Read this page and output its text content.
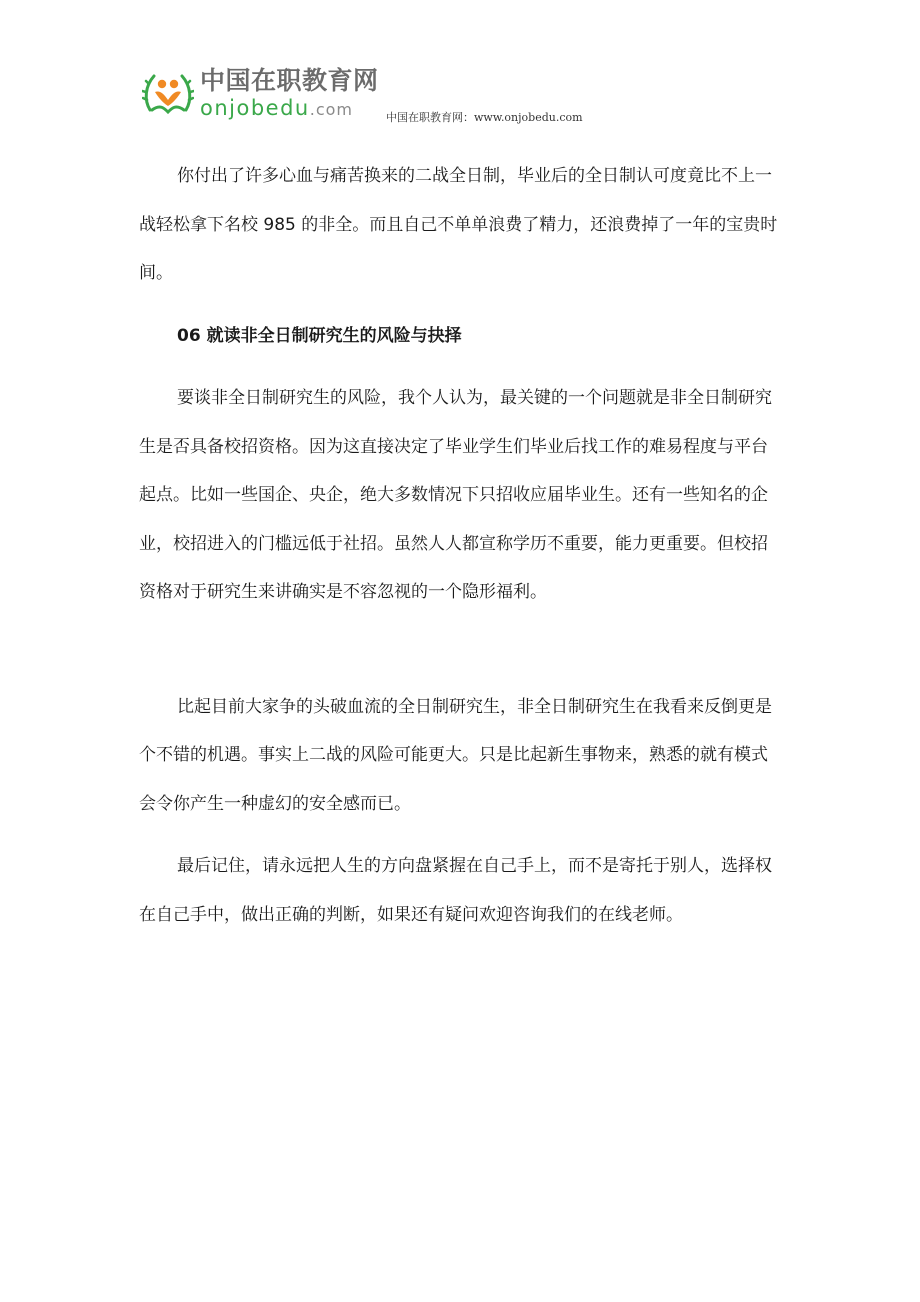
中国在职教育网
onjobedu.com	中国在职教育网：www.onjobedu.com

你付出了许多心血与痛苦换来的二战全日制，毕业后的全日制认可度竟比不上一战轻松拿下名校 985 的非全。而且自己不单单浪费了精力，还浪费掉了一年的宝贵时间。

06 就读非全日制研究生的风险与抉择

要谈非全日制研究生的风险，我个人认为，最关键的一个问题就是非全日制研究生是否具备校招资格。因为这直接决定了毕业学生们毕业后找工作的难易程度与平台起点。比如一些国企、央企，绝大多数情况下只招收应届毕业生。还有一些知名的企业，校招进入的门槛远低于社招。虽然人人都宣称学历不重要，能力更重要。但校招资格对于研究生来讲确实是不容忽视的一个隐形福利。

比起目前大家争的头破血流的全日制研究生，非全日制研究生在我看来反倒更是个不错的机遇。事实上二战的风险可能更大。只是比起新生事物来，熟悉的就有模式会令你产生一种虚幻的安全感而已。

最后记住，请永远把人生的方向盘紧握在自己手上，而不是寄托于别人，选择权在自己手中，做出正确的判断，如果还有疑问欢迎咨询我们的在线老师。
